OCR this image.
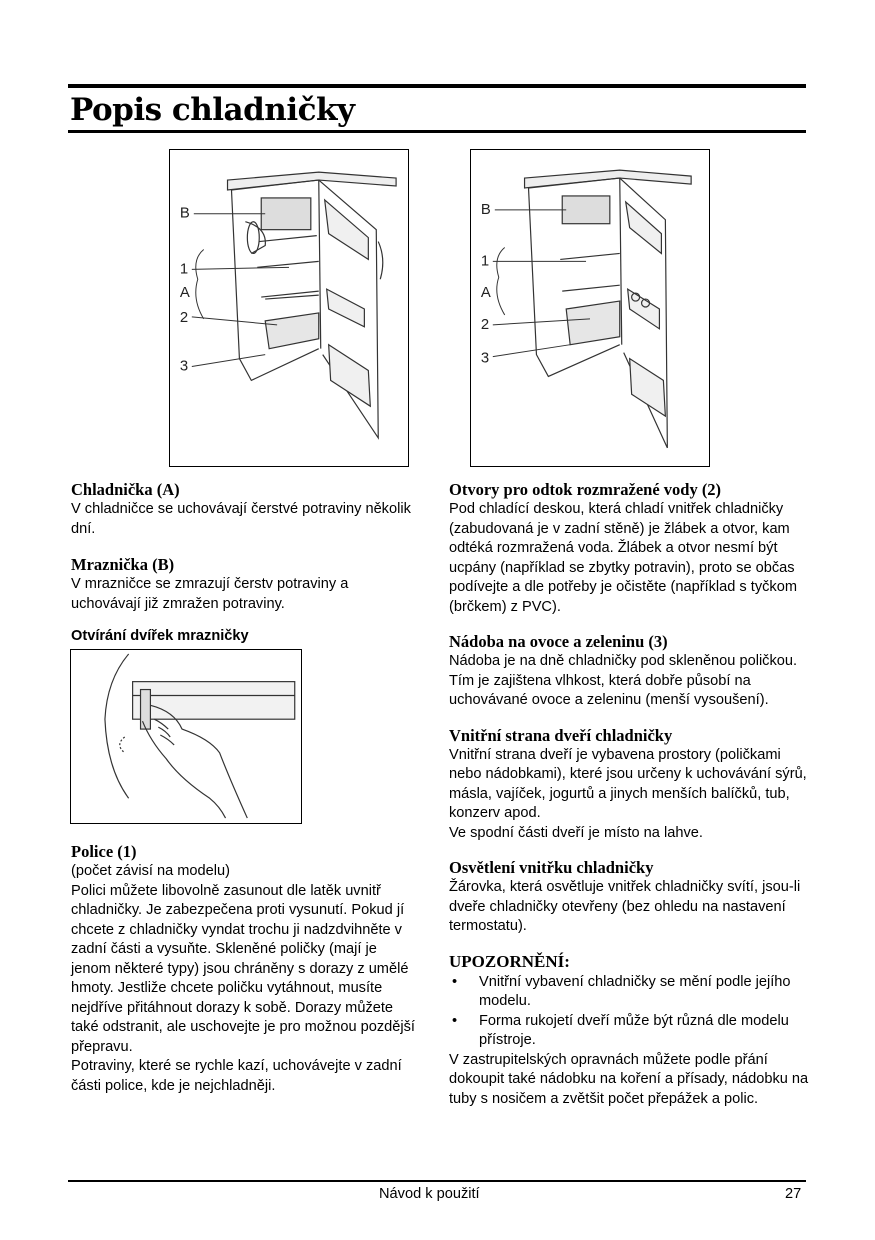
Popis chladničky
B
1
A
2
3
B
1
A
2
3
Chladnička (A)

V chladničce se uchovávají čerstvé potraviny několik dní.

Mraznička (B)

V mrazničce se zmrazují čerstv potraviny a uchovávají již zmražen potraviny.

Otvírání dvířek mrazničky
Police (1)

(počet závisí na modelu)

Polici můžete libovolně zasunout dle latěk uvnitř chladničky. Je zabezpečena proti vysunutí. Pokud jí chcete z chladničky vyndat trochu ji nadzdvihněte v zadní části a vysuňte. Skleněné poličky (mají je jenom některé typy) jsou chráněny s dorazy z umělé hmoty. Jestliže chcete poličku vytáhnout, musíte nejdříve přitáhnout dorazy k sobě. Dorazy můžete také odstranit, ale uschovejte je pro možnou pozdější přepravu.

Potraviny, které se rychle kazí, uchovávejte v zadní části police, kde je nejchladněji.

Otvory pro odtok rozmražené vody (2)

Pod chladící deskou, která chladí vnitřek chladničky (zabudovaná je v zadní stěně) je žlábek a otvor, kam odtéká rozmražená voda. Žlábek a otvor nesmí být ucpány (například se zbytky potravin), proto se občas podívejte a dle potřeby je očistěte (například s tyčkom (brčkem) z PVC).

Nádoba na ovoce a zeleninu (3)

Nádoba je na dně chladničky pod skleněnou poličkou. Tím je zajištena vlhkost, která dobře působí na uchovávané ovoce a zeleninu (menší vysoušení).

Vnitřní strana dveří chladničky

Vnitřní strana dveří je vybavena prostory (poličkami nebo nádobkami), které jsou určeny k uchovávání sýrů, másla, vajíček, jogurtů a jinych menších balíčků, tub, konzerv apod.

Ve spodní části dveří je místo na lahve.

Osvětlení vnitřku chladničky

Žárovka, která osvětluje vnitřek chladničky svítí, jsou-li dveře chladničky otevřeny (bez ohledu na nastavení termostatu).

UPOZORNĚNÍ:
• Vnitřní vybavení chladničky se mění podle jejího modelu.
• Forma rukojetí dveří může být různá dle modelu přístroje.

V zastrupitelských opravnách můžete podle přání dokoupit také nádobku na koření a přísady, nádobku na tuby s nosičem a zvětšit počet přepážek a polic.

Návod k použití	27
